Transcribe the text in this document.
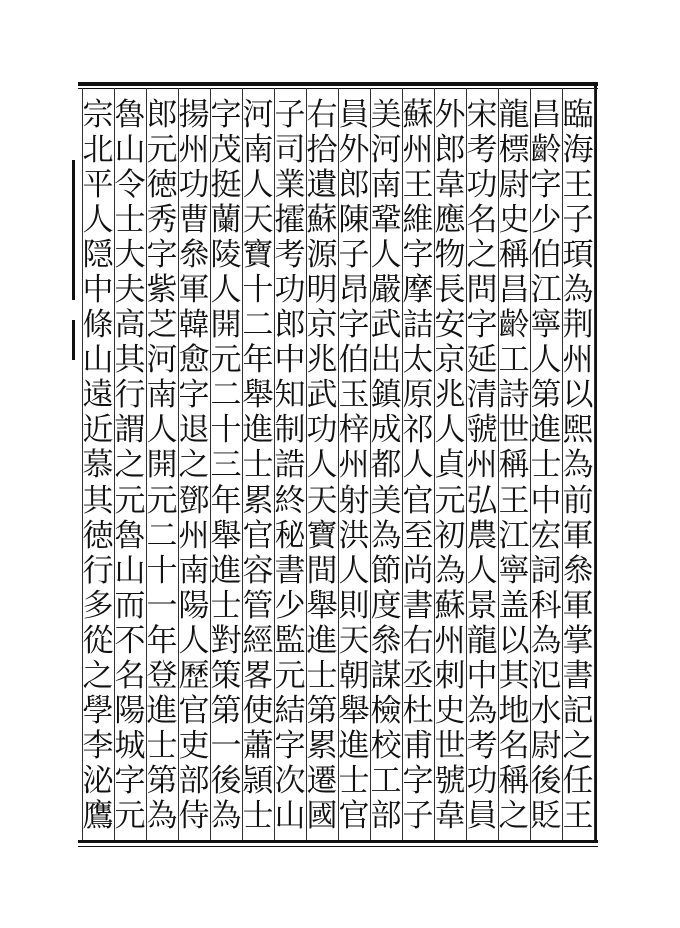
臨
海
王
子
頊
為
荆
州
以
煕
為
前
軍
叅
軍
掌
書
記
之
任
王
昌
齡
字
少
伯
江
寧
人
第
進
士
中
宏
詞
科
為
氾
水
尉
後
貶
龍
標
尉
史
稱
昌
齡
工
詩
世
稱
王
江
寧
盖
以
其
地
名
稱
之
宋
考
功
名
之
問
字
延
清
虢
州
弘
農
人
景
龍
中
為
考
功
員
外
郎
韋
應
物
長
安
京
兆
人
貞
元
初
為
蘇
州
刺
史
世
號
韋
蘇
州
王
維
字
摩
詰
太
原
祁
人
官
至
尚
書
右
丞
杜
甫
字
子
美
河
南
鞏
人
嚴
武
出
鎮
成
都
美
為
節
度
叅
謀
檢
校
工
部
員
外
郎
陳
子
昂
字
伯
玉
梓
州
射
洪
人
則
天
朝
舉
進
士
官
右
拾
遺
蘇
源
明
京
兆
武
功
人
天
寶
間
舉
進
士
第
累
遷
國
子
司
業
攉
考
功
郎
中
知
制
誥
終
秘
書
少
監
元
結
字
次
山
河
南
人
天
寶
十
二
年
舉
進
士
累
官
容
管
經
畧
使
蕭
頴
士
字
茂
挺
蘭
陵
人
開
元
二
十
三
年
舉
進
士
對
策
第
一
後
為
揚
州
功
曹
叅
軍
韓
愈
字
退
之
鄧
州
南
陽
人
歷
官
吏
部
侍
郎
元
徳
秀
字
紫
芝
河
南
人
開
元
二
十
一
年
登
進
士
第
為
魯
山
令
士
大
夫
高
其
行
謂
之
元
魯
山
而
不
名
陽
城
字
元
宗
北
平
人
隠
中
條
山
遠
近
慕
其
徳
行
多
從
之
學
李
泌
鷹
